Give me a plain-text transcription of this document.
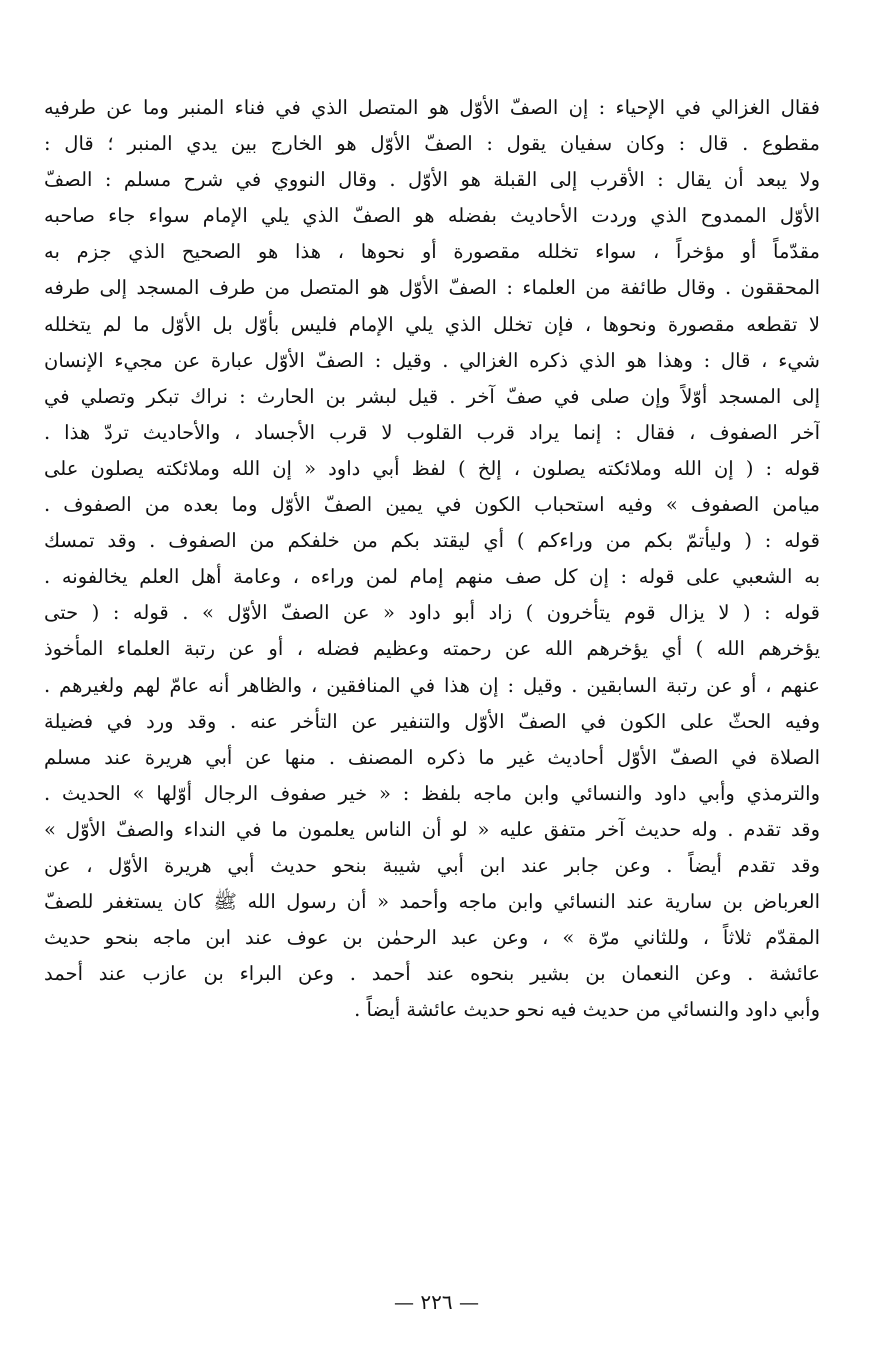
فقال الغزالي في الإحياء : إن الصفّ الأوّل هو المتصل الذي في فناء المنبر وما عن طرفيه
مقطوع . قال : وكان سفيان يقول : الصفّ الأوّل هو الخارج بين يدي المنبر ؛ قال :
ولا يبعد أن يقال : الأقرب إلى القبلة هو الأوّل . وقال النووي في شرح مسلم : الصفّ
الأوّل الممدوح الذي وردت الأحاديث بفضله هو الصفّ الذي يلي الإمام سواء جاء صاحبه
مقدّماً أو مؤخراً ، سواء تخلله مقصورة أو نحوها ، هذا هو الصحيح الذي جزم به
المحققون . وقال طائفة من العلماء : الصفّ الأوّل هو المتصل من طرف المسجد إلى طرفه
لا تقطعه مقصورة ونحوها ، فإن تخلل الذي يلي الإمام فليس بأوّل بل الأوّل ما لم يتخلله
شيء ، قال : وهذا هو الذي ذكره الغزالي . وقيل : الصفّ الأوّل عبارة عن مجيء الإنسان
إلى المسجد أوّلاً وإن صلى في صفّ آخر . قيل لبشر بن الحارث : نراك تبكر وتصلي في
آخر الصفوف ، فقال : إنما يراد قرب القلوب لا قرب الأجساد ، والأحاديث تردّ هذا .
قوله : ( إن الله وملائكته يصلون ، إلخ ) لفظ أبي داود « إن الله وملائكته يصلون على
ميامن الصفوف » وفيه استحباب الكون في يمين الصفّ الأوّل وما بعده من الصفوف .
قوله : ( وليأتمّ بكم من وراءكم ) أي ليقتد بكم من خلفكم من الصفوف . وقد تمسك
به الشعبي على قوله : إن كل صف منهم إمام لمن وراءه ، وعامة أهل العلم يخالفونه .
قوله : ( لا يزال قوم يتأخرون ) زاد أبو داود « عن الصفّ الأوّل » . قوله : ( حتى
يؤخرهم الله ) أي يؤخرهم الله عن رحمته وعظيم فضله ، أو عن رتبة العلماء المأخوذ
عنهم ، أو عن رتبة السابقين . وقيل : إن هذا في المنافقين ، والظاهر أنه عامّ لهم ولغيرهم .
وفيه الحثّ على الكون في الصفّ الأوّل والتنفير عن التأخر عنه . وقد ورد في فضيلة
الصلاة في الصفّ الأوّل أحاديث غير ما ذكره المصنف . منها عن أبي هريرة عند مسلم
والترمذي وأبي داود والنسائي وابن ماجه بلفظ : « خير صفوف الرجال أوّلها » الحديث .
وقد تقدم . وله حديث آخر متفق عليه « لو أن الناس يعلمون ما في النداء والصفّ الأوّل »
وقد تقدم أيضاً . وعن جابر عند ابن أبي شيبة بنحو حديث أبي هريرة الأوّل ، عن
العرباض بن سارية عند النسائي وابن ماجه وأحمد « أن رسول الله ﷺ كان يستغفر للصفّ
المقدّم ثلاثاً ، وللثاني مرّة » ، وعن عبد الرحمٰن بن عوف عند ابن ماجه بنحو حديث
عائشة . وعن النعمان بن بشير بنحوه عند أحمد . وعن البراء بن عازب عند أحمد
وأبي داود والنسائي من حديث فيه نحو حديث عائشة أيضاً .
— ٢٢٦ —
